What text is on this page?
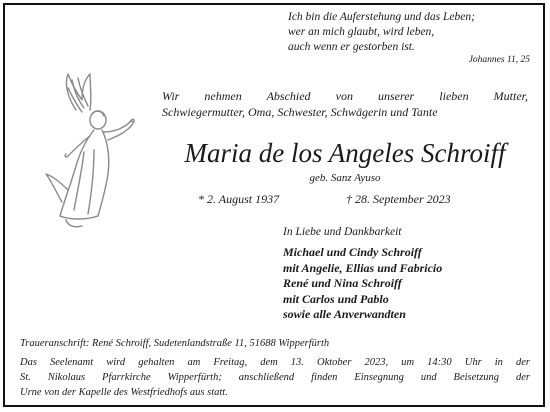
Ich bin die Auferstehung und das Leben;
wer an mich glaubt, wird leben,
auch wenn er gestorben ist.
Johannes 11, 25
Wir nehmen Abschied von unserer lieben Mutter,
Schwiegermutter, Oma, Schwester, Schwägerin und Tante
Maria de los Angeles Schroiff
geb. Sanz Ayuso
* 2. August 1937	† 28. September 2023
In Liebe und Dankbarkeit
Michael und Cindy Schroiff
mit Angelie, Ellias und Fabricio
René und Nina Schroiff
mit Carlos und Pablo
sowie alle Anverwandten
Traueranschrift: René Schroiff, Sudetenlandstraße 11, 51688 Wipperfürth
Das Seelenamt wird gehalten am Freitag, dem 13. Oktober 2023, um 14:30 Uhr in der
St. Nikolaus Pfarrkirche Wipperfürth; anschließend finden Einsegnung und Beisetzung der
Urne von der Kapelle des Westfriedhofs aus statt.
